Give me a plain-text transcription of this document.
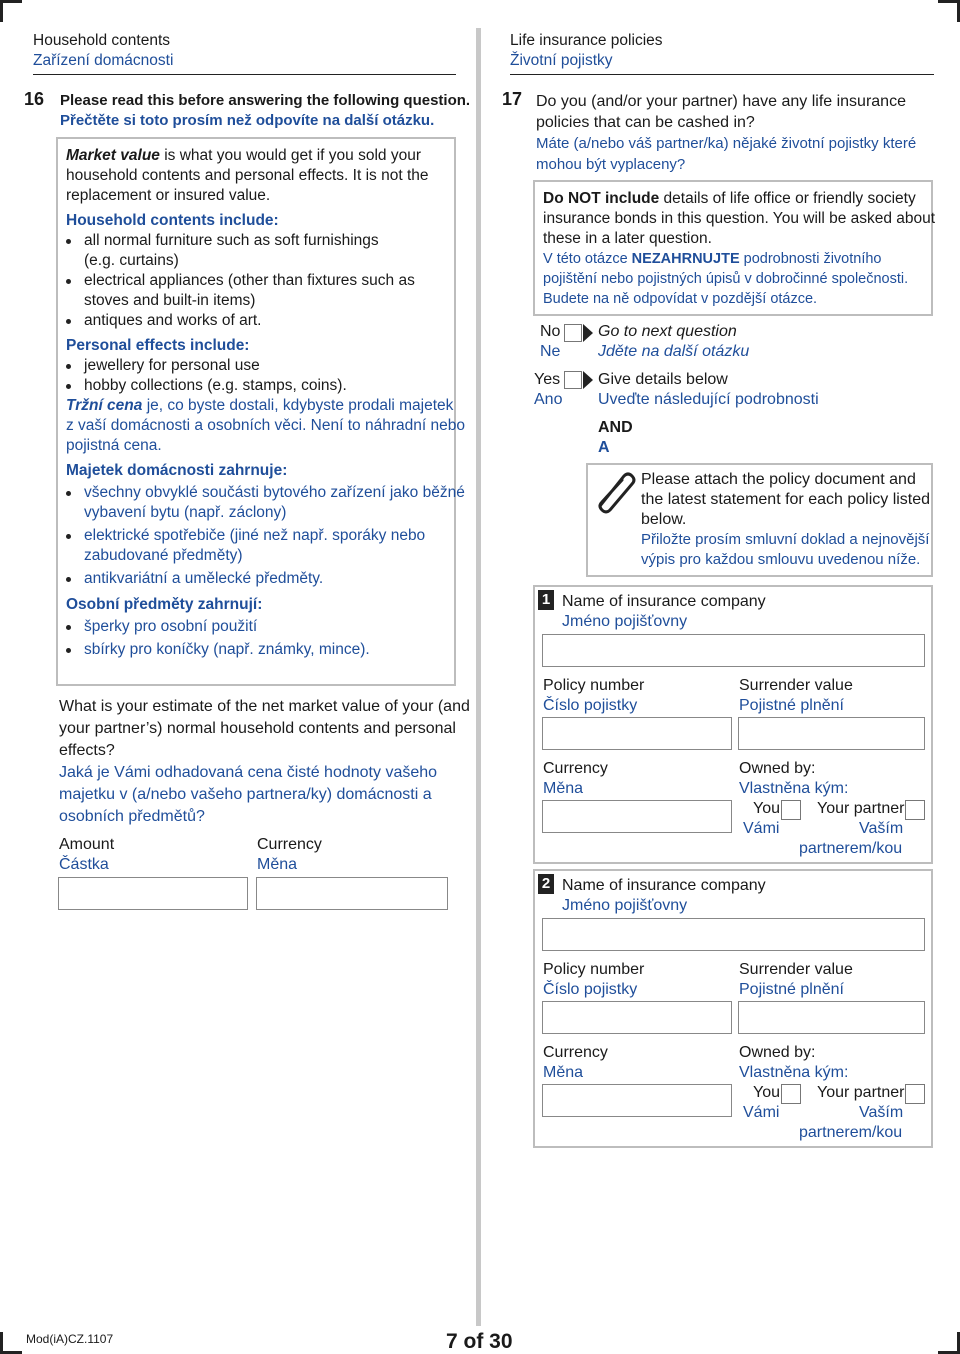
Household contents
Zařízení domácnosti
16 Please read this before answering the following question.
Přečtěte si toto prosím než odpovíte na další otázku.
Market value is what you would get if you sold your
household contents and personal effects. It is not the
replacement or insured value.
Household contents include:
all normal furniture such as soft furnishings
(e.g. curtains)
electrical appliances (other than fixtures such as
stoves and built-in items)
antiques and works of art.
Personal effects include:
jewellery for personal use
hobby collections (e.g. stamps, coins).
Tržní cena je, co byste dostali, kdybyste prodali majetek
z vaší domácnosti a osobních věci. Není to náhradní nebo
pojistná cena.
Majetek domácnosti zahrnuje:
všechny obvyklé součásti bytového zařízení jako běžné
vybavení bytu (např. záclony)
elektrické spotřebiče (jiné než např. sporáky nebo
zabudované předměty)
antikvariátní a umělecké předměty.
Osobní předměty zahrnují:
šperky pro osobní použití
sbírky pro koníčky (např. známky, mince).
What is your estimate of the net market value of your (and
your partner’s) normal household contents and personal
effects?
Jaká je Vámi odhadovaná cena čisté hodnoty vašeho
majetku v (a/nebo vašeho partnera/ky) domácnosti a
osobních předmětů?
Amount
Částka
Currency
Měna
Life insurance policies
Životní pojistky
17 Do you (and/or your partner) have any life insurance
policies that can be cashed in?
Máte (a/nebo váš partner/ka) nějaké životní pojistky které
mohou být vyplaceny?
Do NOT include details of life office or friendly society
insurance bonds in this question. You will be asked about
these in a later question.
V této otázce NEZAHRNUJTE podrobnosti životního
pojištění nebo pojistných úpisů v dobročinné společnosti.
Budete na ně odpovídat v pozdější otázce.
No
Ne
Go to next question
Jděte na další otázku
Yes
Ano
Give details below
Uveďte následující podrobnosti
AND
A
Please attach the policy document and
the latest statement for each policy listed
below.
Přiložte prosím smluvní doklad a nejnovější
výpis pro každou smlouvu uvedenou níže.
1 Name of insurance company
Jméno pojišťovny
Policy number
Číslo pojistky
Surrender value
Pojistné plnění
Currency
Měna
Owned by:
Vlastněna kým:
You
Vámi
Your partner
Vaším
partnerem/kou
2 Name of insurance company
Jméno pojišťovny
Policy number
Číslo pojistky
Surrender value
Pojistné plnění
Currency
Měna
Owned by:
Vlastněna kým:
You
Vámi
Your partner
Vaším
partnerem/kou
Mod(iA)CZ.1107	7 of 30
